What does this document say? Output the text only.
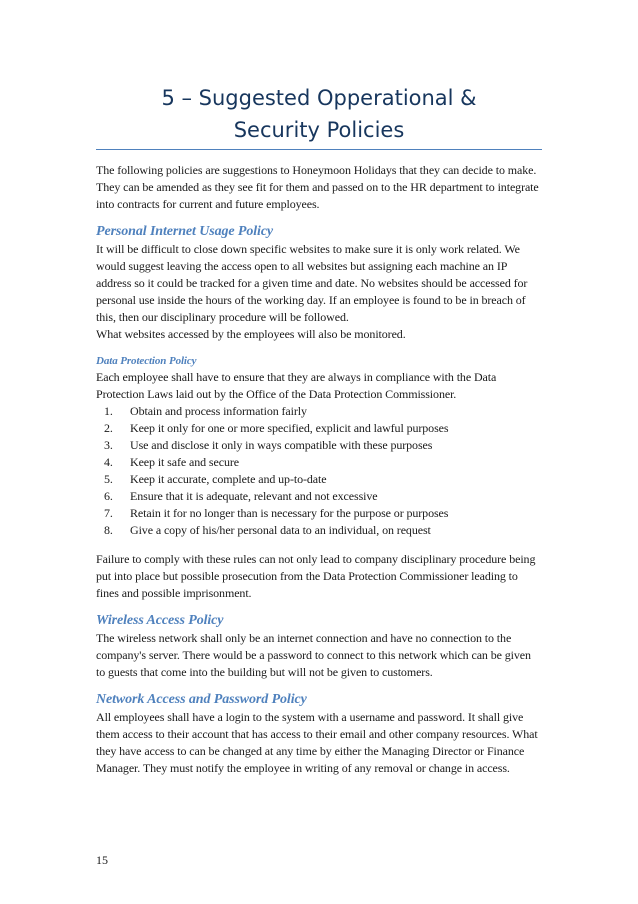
5 – Suggested Opperational &
Security Policies

The following policies are suggestions to Honeymoon Holidays that they can decide to make. They can be amended as they see fit for them and passed on to the HR department to integrate into contracts for current and future employees.

Personal Internet Usage Policy

It will be difficult to close down specific websites to make sure it is only work related. We would suggest leaving the access open to all websites but assigning each machine an IP address so it could be tracked for a given time and date. No websites should be accessed for personal use inside the hours of the working day. If an employee is found to be in breach of this, then our disciplinary procedure will be followed.

What websites accessed by the employees will also be monitored.

Data Protection Policy

Each employee shall have to ensure that they are always in compliance with the Data Protection Laws laid out by the Office of the Data Protection Commissioner.

1.	Obtain and process information fairly
2.	Keep it only for one or more specified, explicit and lawful purposes
3.	Use and disclose it only in ways compatible with these purposes
4.	Keep it safe and secure
5.	Keep it accurate, complete and up-to-date
6.	Ensure that it is adequate, relevant and not excessive
7.	Retain it for no longer than is necessary for the purpose or purposes
8.	Give a copy of his/her personal data to an individual, on request

Failure to comply with these rules can not only lead to company disciplinary procedure being put into place but possible prosecution from the Data Protection Commissioner leading to fines and possible imprisonment.

Wireless Access Policy

The wireless network shall only be an internet connection and have no connection to the company's server. There would be a password to connect to this network which can be given to guests that come into the building but will not be given to customers.

Network Access and Password Policy

All employees shall have a login to the system with a username and password. It shall give them access to their account that has access to their email and other company resources. What they have access to can be changed at any time by either the Managing Director or Finance Manager. They must notify the employee in writing of any removal or change in access.

15
